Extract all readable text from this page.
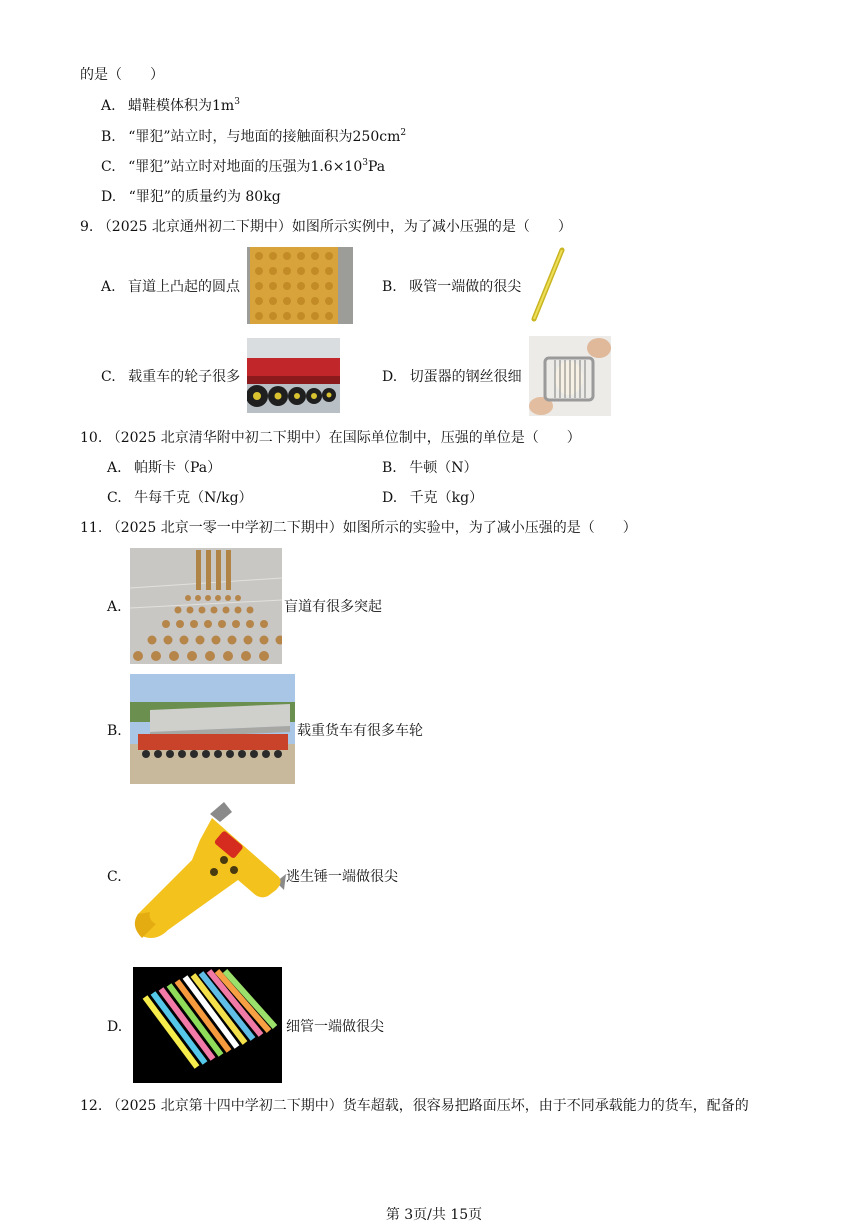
的是（　　）
A. 蜡鞋模体积为$1m^3$
B. “罪犯”站立时，与地面的接触面积为$250cm^2$
C. “罪犯”站立时对地面的压强为$1.6\times 10^3Pa$
D. “罪犯”的质量约为 80kg
9. （2025 北京通州初二下期中）如图所示实例中，为了减小压强的是（　　）
A. 盲道上凸起的圆点	B. 吸管一端做的很尖
C. 载重车的轮子很多	D. 切蛋器的钢丝很细
10. （2025 北京清华附中初二下期中）在国际单位制中，压强的单位是（　　）
A. 帕斯卡（Pa）	B. 牛顿（N）
C. 牛每千克（N/kg）	D. 千克（kg）
11. （2025 北京一零一中学初二下期中）如图所示的实验中，为了减小压强的是（　　）
A.	盲道有很多突起
B.	载重货车有很多车轮
C.	逃生锤一端做很尖
D.	细管一端做很尖
12. （2025 北京第十四中学初二下期中）货车超载，很容易把路面压坏，由于不同承载能力的货车，配备的
第 3页/共 15页
